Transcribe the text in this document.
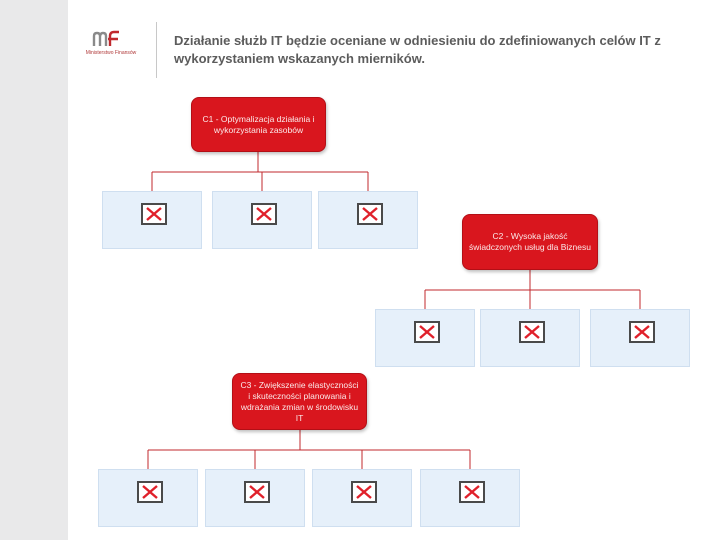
Ministerstwo Finansów
Działanie służb IT będzie oceniane w odniesieniu do zdefiniowanych celów IT z wykorzystaniem wskazanych mierników.
C1 - Optymalizacja działania i wykorzystania zasobów
C2 - Wysoka jakość świadczonych usług dla Biznesu
C3 - Zwiększenie elastyczności i skuteczności planowania i wdrażania zmian w środowisku IT
